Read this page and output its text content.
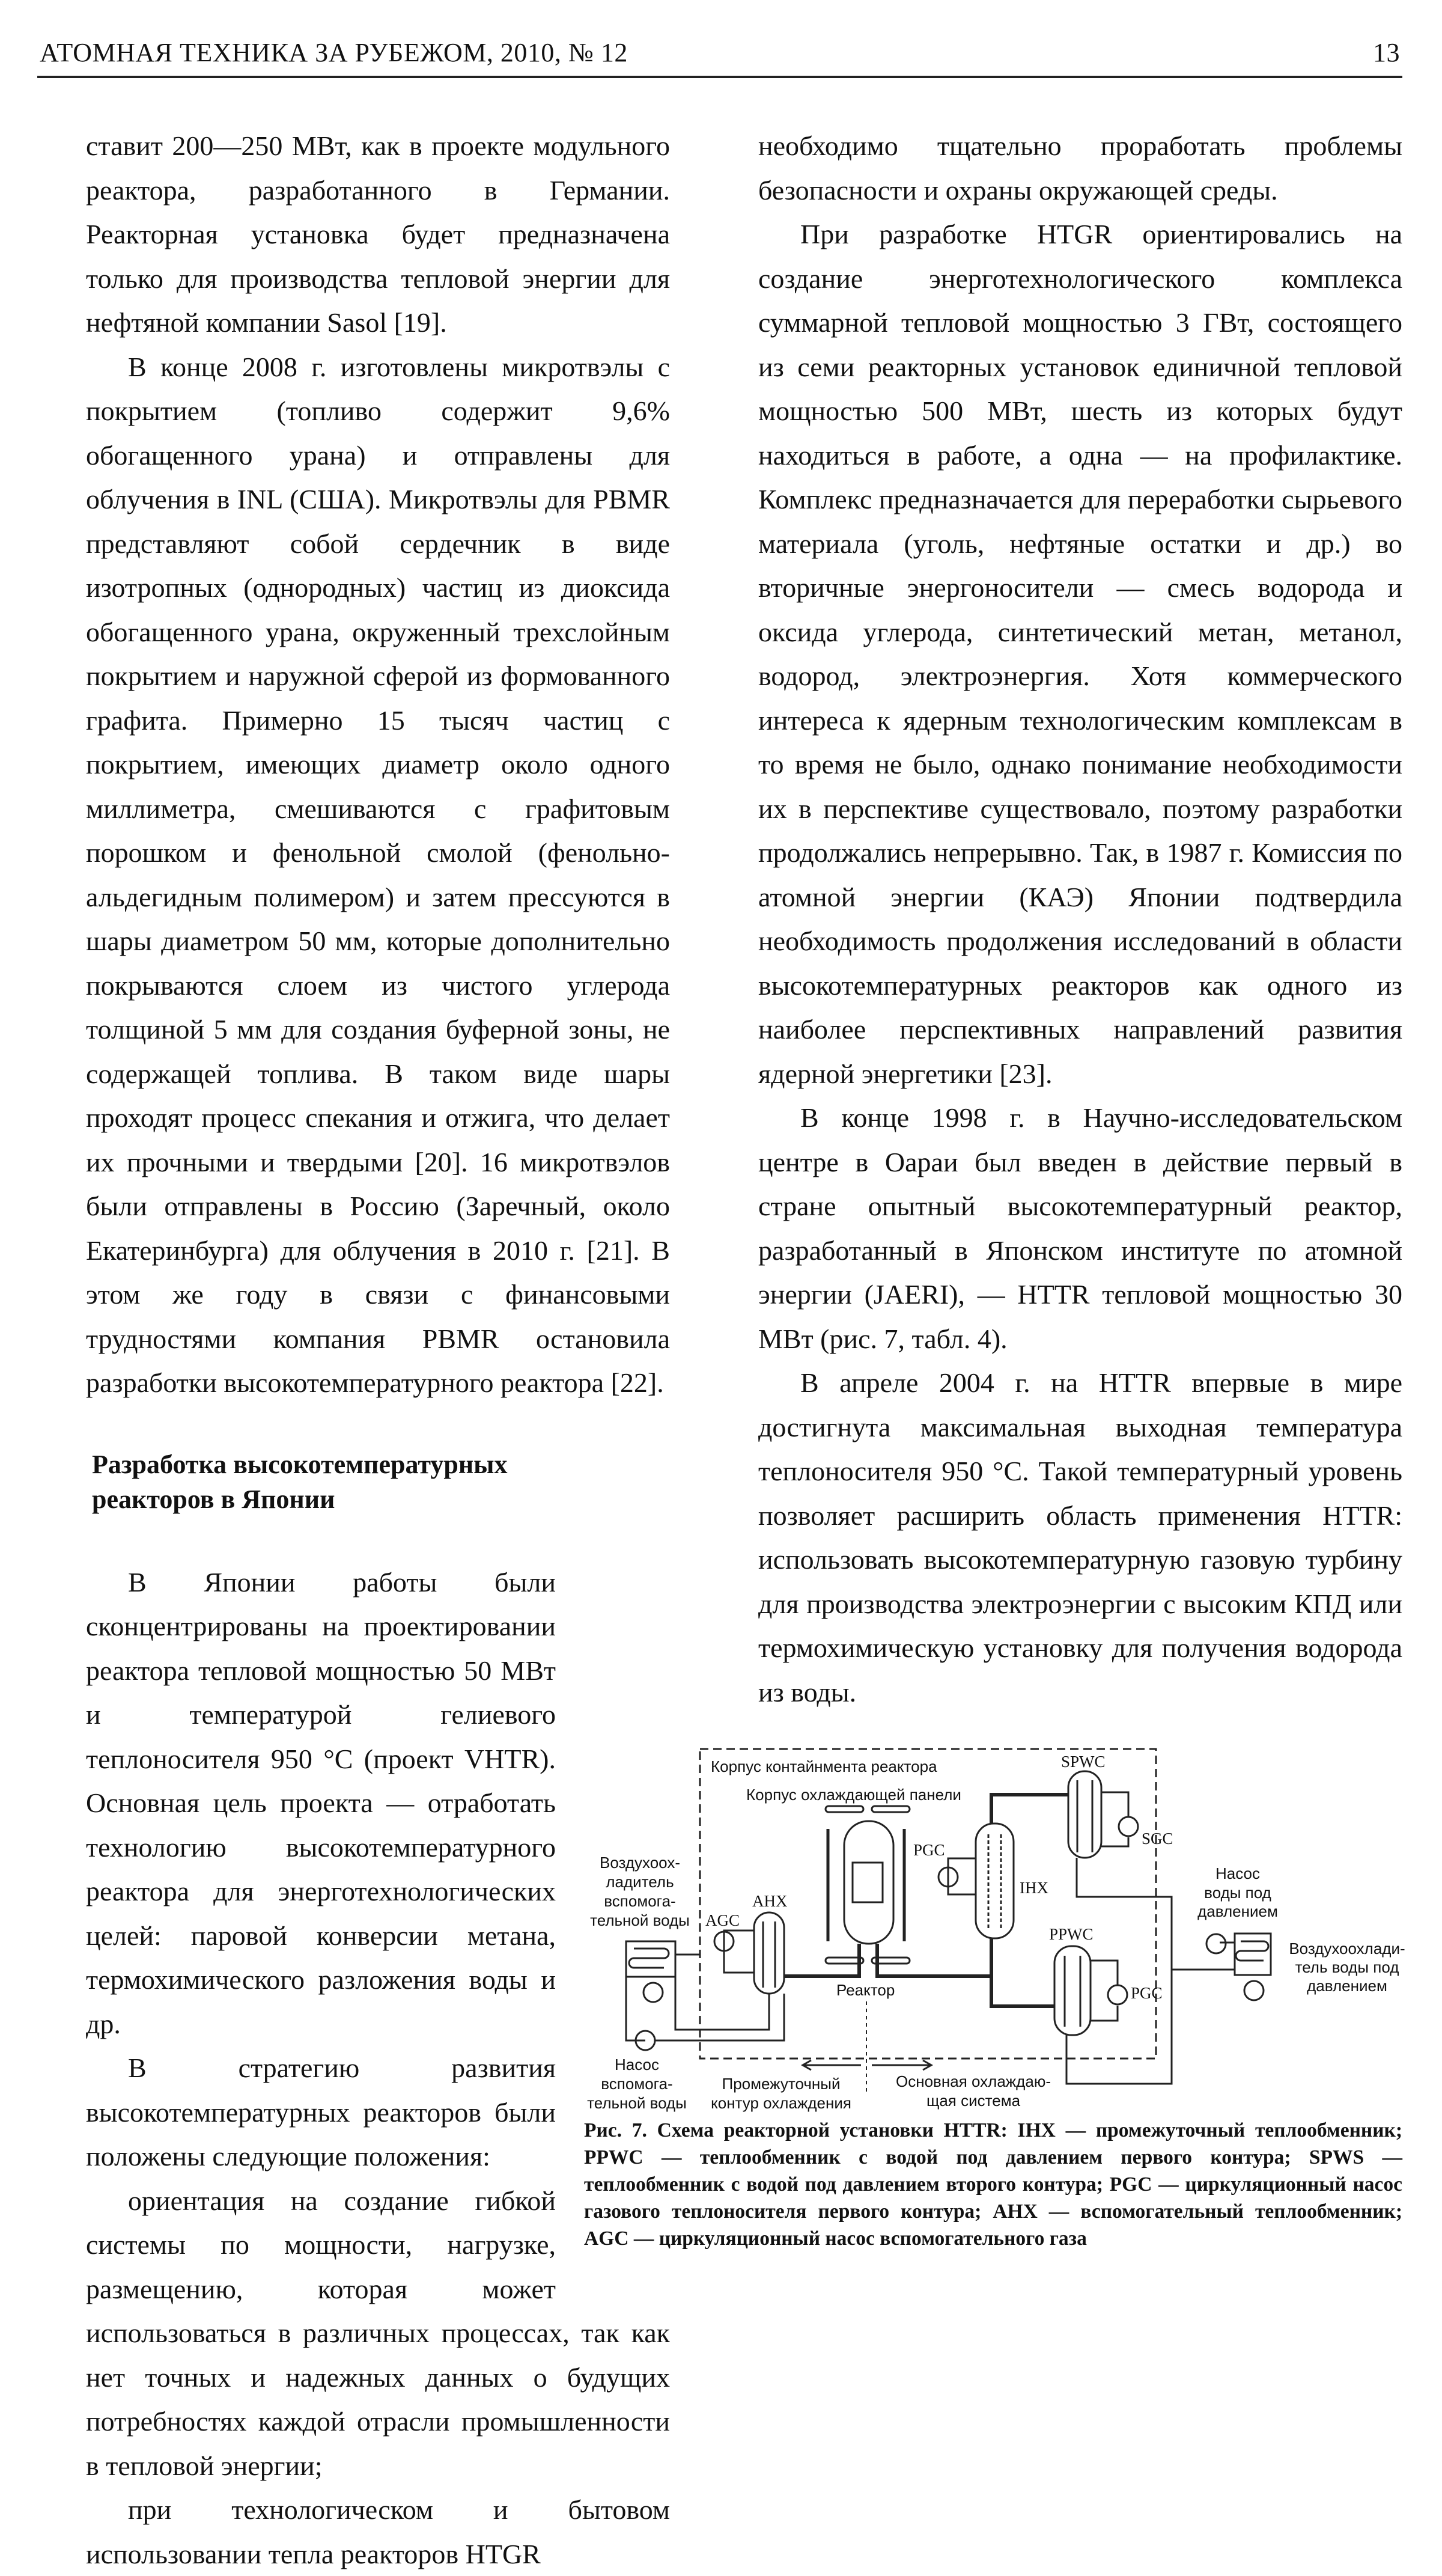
АТОМНАЯ ТЕХНИКА ЗА РУБЕЖОМ, 2010, № 12	13

ставит 200—250 МВт, как в проекте модульного реактора, разработанного в Германии. Реакторная установка будет предназначена только для производства тепловой энергии для нефтяной компании Sasol [19].

В конце 2008 г. изготовлены микротвэлы с покрытием (топливо содержит 9,6% обогащенного урана) и отправлены для облучения в INL (США). Микротвэлы для PBMR представляют собой сердечник в виде изотропных (однородных) частиц из диоксида обогащенного урана, окруженный трехслойным покрытием и наружной сферой из формованного графита. Примерно 15 тысяч частиц с покрытием, имеющих диаметр около одного миллиметра, смешиваются с графитовым порошком и фенольной смолой (фенольно-альдегидным полимером) и затем прессуются в шары диаметром 50 мм, которые дополнительно покрываются слоем из чистого углерода толщиной 5 мм для создания буферной зоны, не содержащей топлива. В таком виде шары проходят процесс спекания и отжига, что делает их прочными и твердыми [20]. 16 микротвэлов были отправлены в Россию (Заречный, около Екатеринбурга) для облучения в 2010 г. [21]. В этом же году в связи с финансовыми трудностями компания PBMR остановила разработки высокотемпературного реактора [22].

Разработка высокотемпературных
реакторов в Японии

В Японии работы были сконцентрированы на проектировании реактора тепловой мощностью 50 МВт и температурой гелиевого теплоносителя 950 °С (проект VHTR). Основная цель проекта — отработать технологию высокотемпературного реактора для энерготехнологических целей: паровой конверсии метана, термохимического разложения воды и др.

В стратегию развития высокотемпературных реакторов были положены следующие положения:

ориентация на создание гибкой системы по мощности, нагрузке, размещению, которая может использоваться в различных процессах, так как нет точных и надежных данных о будущих потребностях каждой отрасли промышленности в тепловой энергии;

при технологическом и бытовом использовании тепла реакторов HTGR

необходимо тщательно проработать проблемы безопасности и охраны окружающей среды.

При разработке HTGR ориентировались на создание энерготехнологического комплекса суммарной тепловой мощностью 3 ГВт, состоящего из семи реакторных установок единичной тепловой мощностью 500 МВт, шесть из которых будут находиться в работе, а одна — на профилактике. Комплекс предназначается для переработки сырьевого материала (уголь, нефтяные остатки и др.) во вторичные энергоносители — смесь водорода и оксида углерода, синтетический метан, метанол, водород, электроэнергия. Хотя коммерческого интереса к ядерным технологическим комплексам в то время не было, однако понимание необходимости их в перспективе существовало, поэтому разработки продолжались непрерывно. Так, в 1987 г. Комиссия по атомной энергии (КАЭ) Японии подтвердила необходимость продолжения исследований в области высокотемпературных реакторов как одного из наиболее перспективных направлений развития ядерной энергетики [23].

В конце 1998 г. в Научно-исследовательском центре в Оараи был введен в действие первый в стране опытный высокотемпературный реактор, разработанный в Японском институте по атомной энергии (JAERI), — HTTR тепловой мощностью 30 МВт (рис. 7, табл. 4).

В апреле 2004 г. на HTTR впервые в мире достигнута максимальная выходная температура теплоносителя 950 °С. Такой температурный уровень позволяет расширить область применения HTTR: использовать высокотемпературную газовую турбину для производства электроэнергии с высоким КПД или термохимическую установку для получения водорода из воды.

Корпус контайнмента реактора
Корпус охлаждающей панели
SPWC
SGC
PGC
IHX
AHX
AGC
PPWC
PGC
Реактор
Воздухоох-
ладитель
вспомога-
тельной воды
Насос
воды под
давлением
Воздухоохлади-
тель воды под
давлением
Насос
вспомога-
тельной воды
Промежуточный
контур охлаждения
Основная охлаждаю-
щая система
Рис. 7. Схема реакторной установки HTTR: IHX — промежуточный теплообменник; PPWC — теплообменник с водой под давлением первого контура; SPWS — теплообменник с водой под давлением второго контура; PGC — циркуляционный насос газового теплоносителя первого контура; AHX — вспомогательный теплообменник; AGC — циркуляционный насос вспомогательного газа
